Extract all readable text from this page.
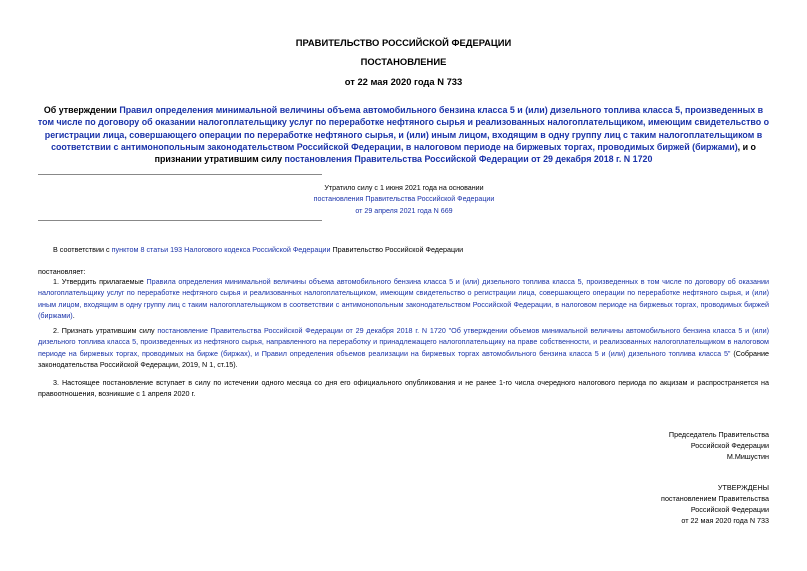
ПРАВИТЕЛЬСТВО РОССИЙСКОЙ ФЕДЕРАЦИИ
ПОСТАНОВЛЕНИЕ
от 22 мая 2020 года N 733
Об утверждении Правил определения минимальной величины объема автомобильного бензина класса 5 и (или) дизельного топлива класса 5, произведенных в том числе по договору об оказании налогоплательщику услуг по переработке нефтяного сырья и реализованных налогоплательщиком, имеющим свидетельство о регистрации лица, совершающего операции по переработке нефтяного сырья, и (или) иным лицом, входящим в одну группу лиц с таким налогоплательщиком в соответствии с антимонопольным законодательством Российской Федерации, в налоговом периоде на биржевых торгах, проводимых биржей (биржами), и о признании утратившим силу постановления Правительства Российской Федерации от 29 декабря 2018 г. N 1720
Утратило силу с 1 июня 2021 года на основании
постановления Правительства Российской Федерации
от 29 апреля 2021 года N 669
В соответствии с пунктом 8 статьи 193 Налогового кодекса Российской Федерации Правительство Российской Федерации
постановляет:
1. Утвердить прилагаемые Правила определения минимальной величины объема автомобильного бензина класса 5 и (или) дизельного топлива класса 5, произведенных в том числе по договору об оказании налогоплательщику услуг по переработке нефтяного сырья и реализованных налогоплательщиком, имеющим свидетельство о регистрации лица, совершающего операции по переработке нефтяного сырья, и (или) иным лицом, входящим в одну группу лиц с таким налогоплательщиком в соответствии с антимонопольным законодательством Российской Федерации, в налоговом периоде на биржевых торгах, проводимых биржей (биржами).
2. Признать утратившим силу постановление Правительства Российской Федерации от 29 декабря 2018 г. N 1720 "Об утверждении объемов минимальной величины автомобильного бензина класса 5 и (или) дизельного топлива класса 5, произведенных из нефтяного сырья, направленного на переработку и принадлежащего налогоплательщику на праве собственности, и реализованных налогоплательщиком в налоговом периоде на биржевых торгах, проводимых на бирже (биржах), и Правил определения объемов реализации на биржевых торгах автомобильного бензина класса 5 и (или) дизельного топлива класса 5" (Собрание законодательства Российской Федерации, 2019, N 1, ст.15).
3. Настоящее постановление вступает в силу по истечении одного месяца со дня его официального опубликования и не ранее 1-го числа очередного налогового периода по акцизам и распространяется на правоотношения, возникшие с 1 апреля 2020 г.
Председатель Правительства
Российской Федерации
М.Мишустин
УТВЕРЖДЕНЫ
постановлением Правительства
Российской Федерации
от 22 мая 2020 года N 733
